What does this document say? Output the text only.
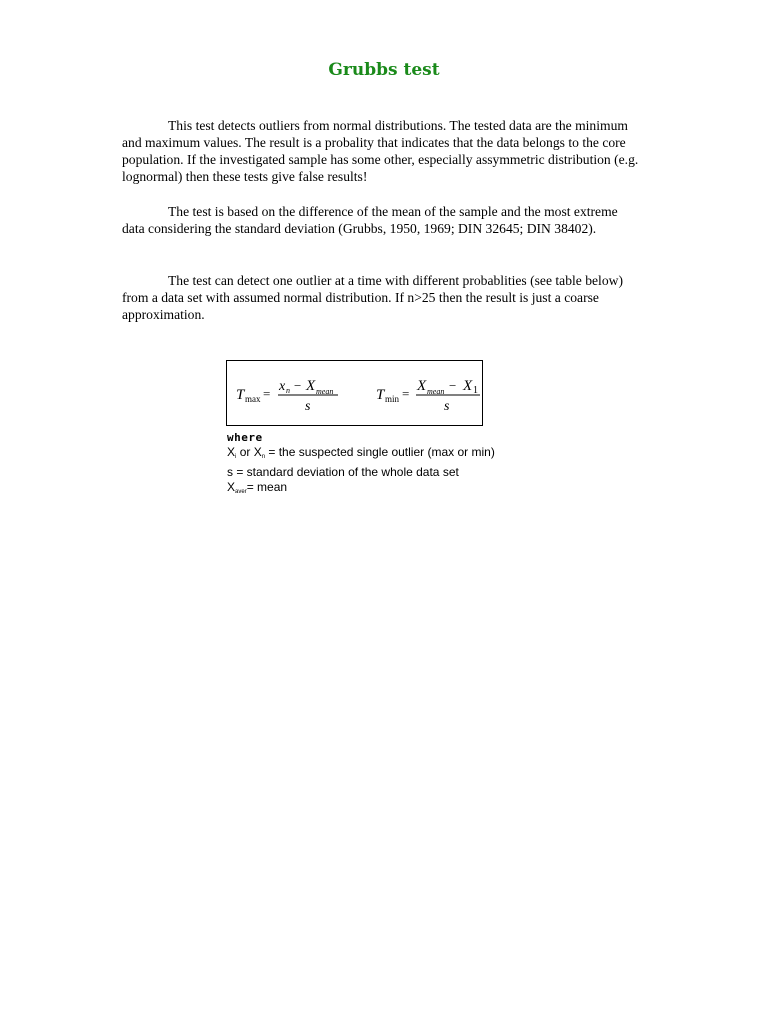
Grubbs test

This test detects outliers from normal distributions. The tested data are the minimum and maximum values. The result is a probality that indicates that the data belongs to the core population. If the investigated sample has some other, especially assymmetric distribution (e.g. lognormal) then these tests give false results!

The test is based on the difference of the mean of the sample and the most extreme data considering the standard deviation (Grubbs, 1950, 1969; DIN 32645; DIN 38402).

The test can detect one outlier at a time with different probablities (see table below) from a data set with assumed normal distribution. If n>25 then the result is just a coarse approximation.

T max = x n − X mean
s
T min = X mean − X 1
s
where
$X_i$ or $X_n$ = the suspected single outlier (max or min)
s = standard deviation of the whole data set
$X_{aver}=$ mean
